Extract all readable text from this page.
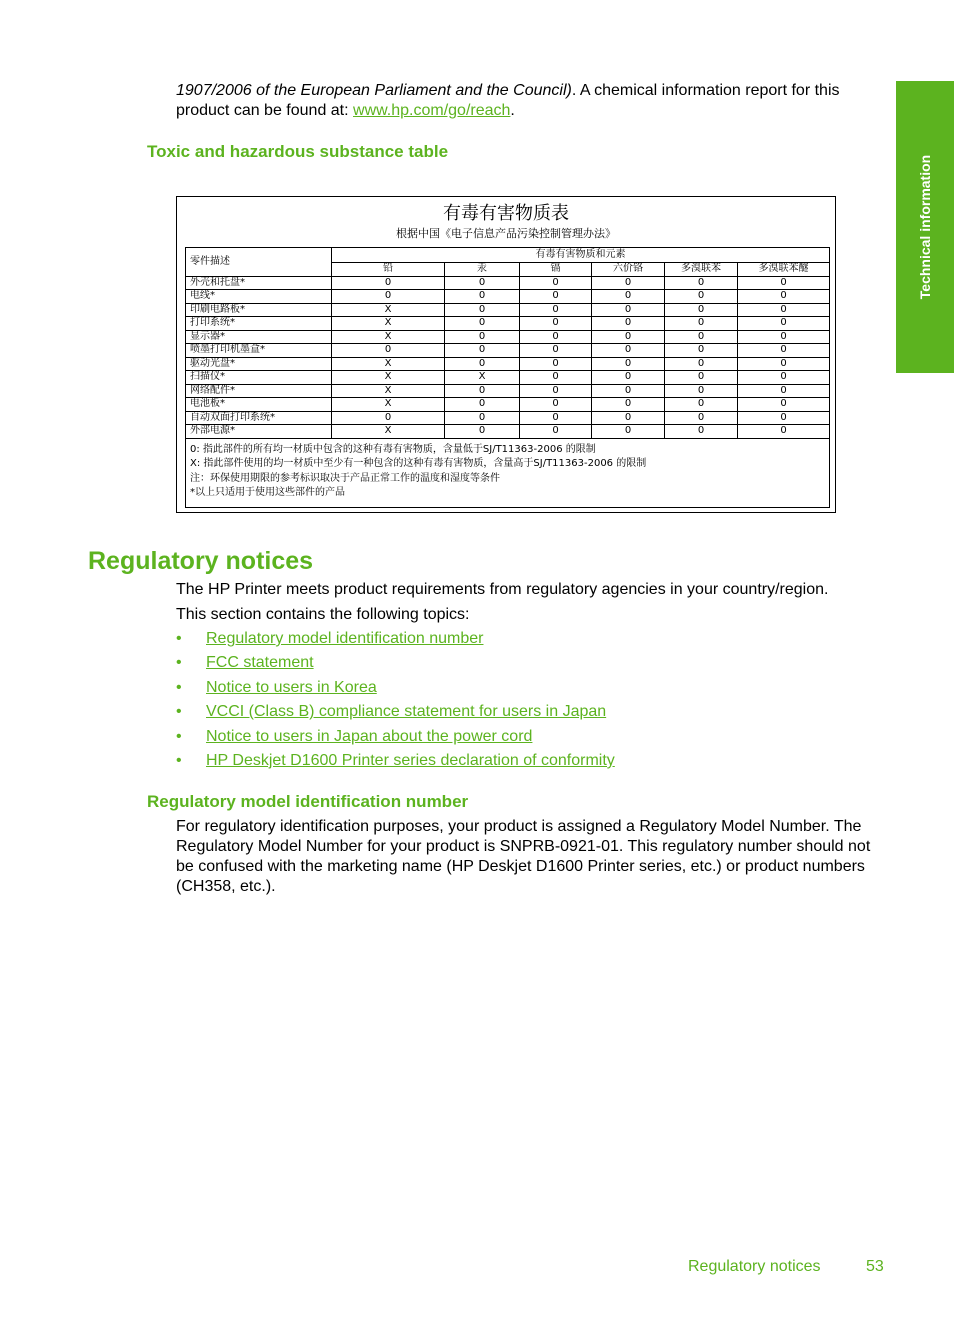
Technical information
1907/2006 of the European Parliament and the Council). A chemical information report for this
product can be found at: www.hp.com/go/reach.
Toxic and hazardous substance table
有毒有害物质表
根据中国《电子信息产品污染控制管理办法》
零件描述	有毒有害物质和元素					
	铅	汞	镉	六价铬	多溴联苯	多溴联苯醚
外壳和托盘*	0	0	0	0	0	0
电线*	0	0	0	0	0	0
印刷电路板*	X	0	0	0	0	0
打印系统*	X	0	0	0	0	0
显示器*	X	0	0	0	0	0
喷墨打印机墨盒*	0	0	0	0	0	0
驱动光盘*	X	0	0	0	0	0
扫描仪*	X	X	0	0	0	0
网络配件*	X	0	0	0	0	0
电池板*	X	0	0	0	0	0
自动双面打印系统*	0	0	0	0	0	0
外部电源*	X	0	0	0	0	0

0: 指此部件的所有均一材质中包含的这种有毒有害物质，含量低于SJ/T11363-2006 的限制
X: 指此部件使用的均一材质中至少有一种包含的这种有毒有害物质，含量高于SJ/T11363-2006 的限制
注：环保使用期限的参考标识取决于产品正常工作的温度和湿度等条件
*以上只适用于使用这些部件的产品						
Regulatory notices
The HP Printer meets product requirements from regulatory agencies in your country/region.
This section contains the following topics:
• Regulatory model identification number
• FCC statement
• Notice to users in Korea
• VCCI (Class B) compliance statement for users in Japan
• Notice to users in Japan about the power cord
• HP Deskjet D1600 Printer series declaration of conformity
Regulatory model identification number
For regulatory identification purposes, your product is assigned a Regulatory Model Number. The
Regulatory Model Number for your product is SNPRB-0921-01. This regulatory number should not
be confused with the marketing name (HP Deskjet D1600 Printer series, etc.) or product numbers
(CH358, etc.).
Regulatory notices	53
